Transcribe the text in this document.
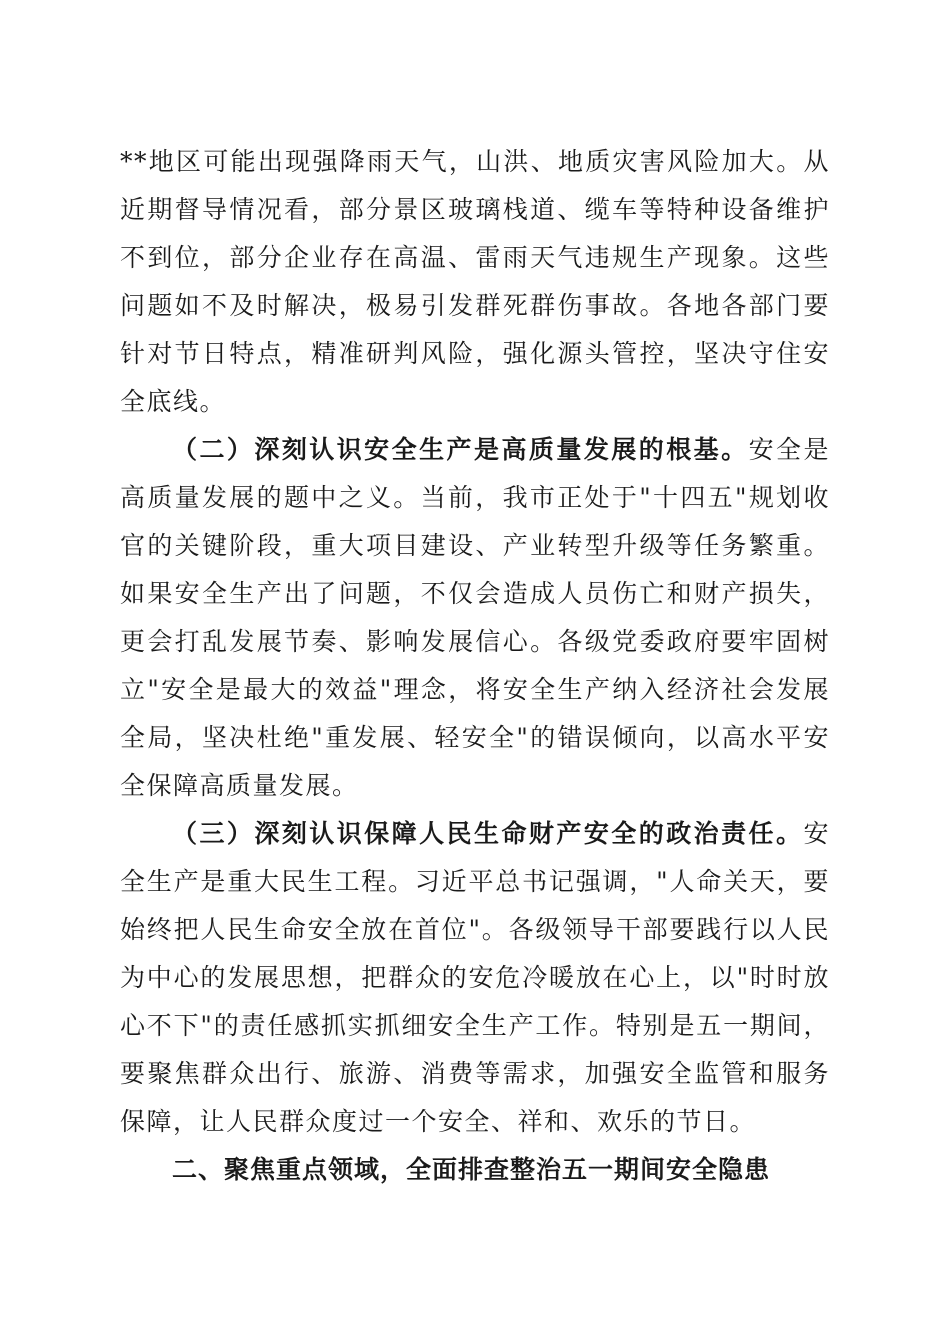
**地区可能出现强降雨天气，山洪、地质灾害风险加大。从近期督导情况看，部分景区玻璃栈道、缆车等特种设备维护不到位，部分企业存在高温、雷雨天气违规生产现象。这些问题如不及时解决，极易引发群死群伤事故。各地各部门要针对节日特点，精准研判风险，强化源头管控，坚决守住安全底线。

（二）深刻认识安全生产是高质量发展的根基。安全是高质量发展的题中之义。当前，我市正处于"十四五"规划收官的关键阶段，重大项目建设、产业转型升级等任务繁重。如果安全生产出了问题，不仅会造成人员伤亡和财产损失，更会打乱发展节奏、影响发展信心。各级党委政府要牢固树立"安全是最大的效益"理念，将安全生产纳入经济社会发展全局，坚决杜绝"重发展、轻安全"的错误倾向，以高水平安全保障高质量发展。

（三）深刻认识保障人民生命财产安全的政治责任。安全生产是重大民生工程。习近平总书记强调，"人命关天，要始终把人民生命安全放在首位"。各级领导干部要践行以人民为中心的发展思想，把群众的安危冷暖放在心上，以"时时放心不下"的责任感抓实抓细安全生产工作。特别是五一期间，要聚焦群众出行、旅游、消费等需求，加强安全监管和服务保障，让人民群众度过一个安全、祥和、欢乐的节日。

二、聚焦重点领域，全面排查整治五一期间安全隐患
